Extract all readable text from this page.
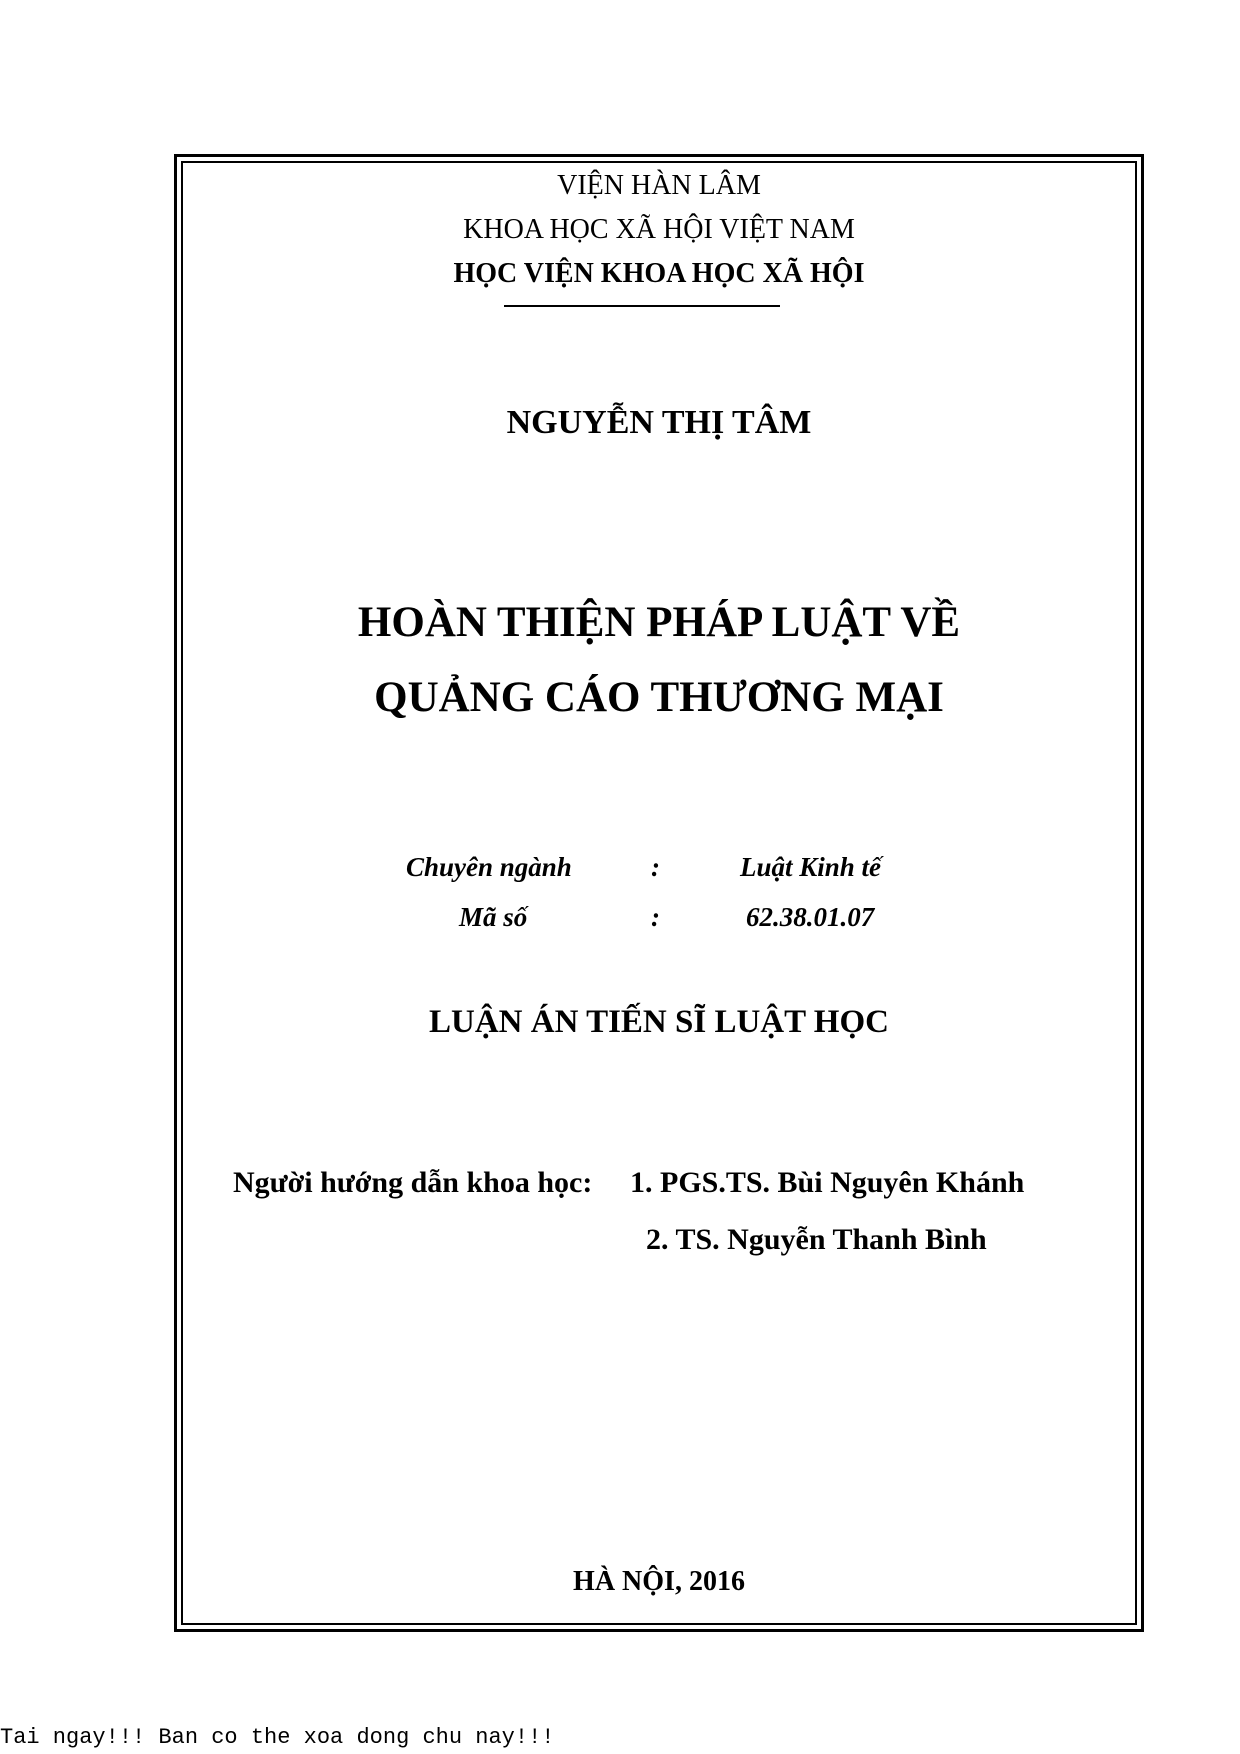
VIỆN HÀN LÂM
KHOA HỌC XÃ HỘI VIỆT NAM
HỌC VIỆN KHOA HỌC XÃ HỘI
NGUYỄN THỊ TÂM
HOÀN THIỆN PHÁP LUẬT VỀ
QUẢNG CÁO THƯƠNG MẠI
Chuyên ngành	:	Luật Kinh tế
Mã số	:	62.38.01.07
LUẬN ÁN TIẾN SĨ LUẬT HỌC
Người hướng dẫn khoa học: 1. PGS.TS. Bùi Nguyên Khánh
2. TS. Nguyễn Thanh Bình
HÀ NỘI, 2016
Tai ngay!!! Ban co the xoa dong chu nay!!!
